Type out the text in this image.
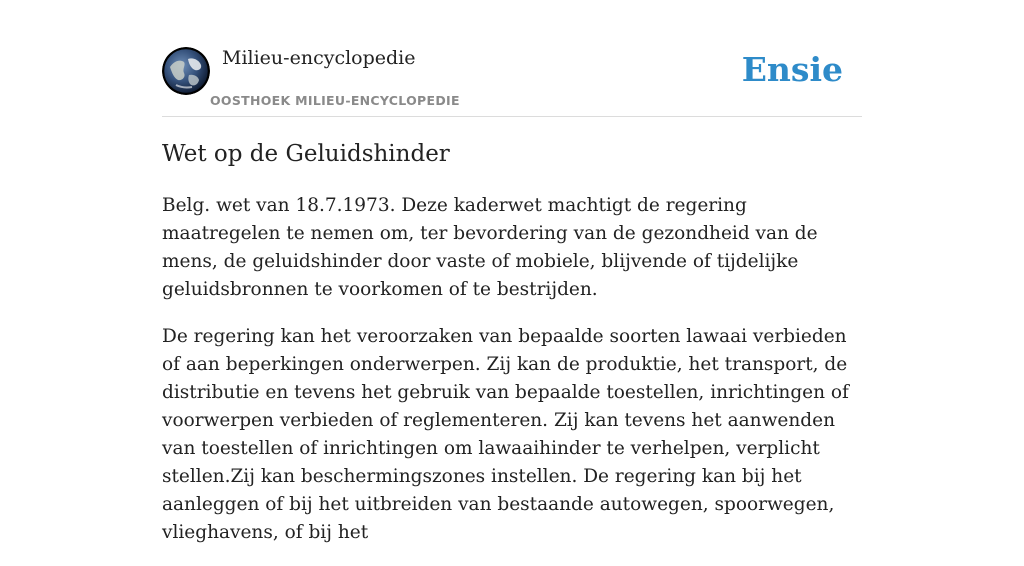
Milieu-encyclopedie
OOSTHOEK MILIEU-ENCYCLOPEDIE
Ensie
Wet op de Geluidshinder

Belg. wet van 18.7.1973. Deze kaderwet machtigt de regering maatregelen te nemen om, ter bevordering van de gezondheid van de mens, de geluidshinder door vaste of mobiele, blijvende of tijdelijke geluidsbronnen te voorkomen of te bestrijden.

De regering kan het veroorzaken van bepaalde soorten lawaai verbieden of aan beperkingen onderwerpen. Zij kan de produktie, het transport, de distributie en tevens het gebruik van bepaalde toestellen, inrichtingen of voorwerpen verbieden of reglementeren. Zij kan tevens het aanwenden van toestellen of inrichtingen om lawaaihinder te verhelpen, verplicht stellen.Zij kan beschermingszones instellen. De regering kan bij het aanleggen of bij het uitbreiden van bestaande autowegen, spoorwegen, vlieghavens, of bij het
